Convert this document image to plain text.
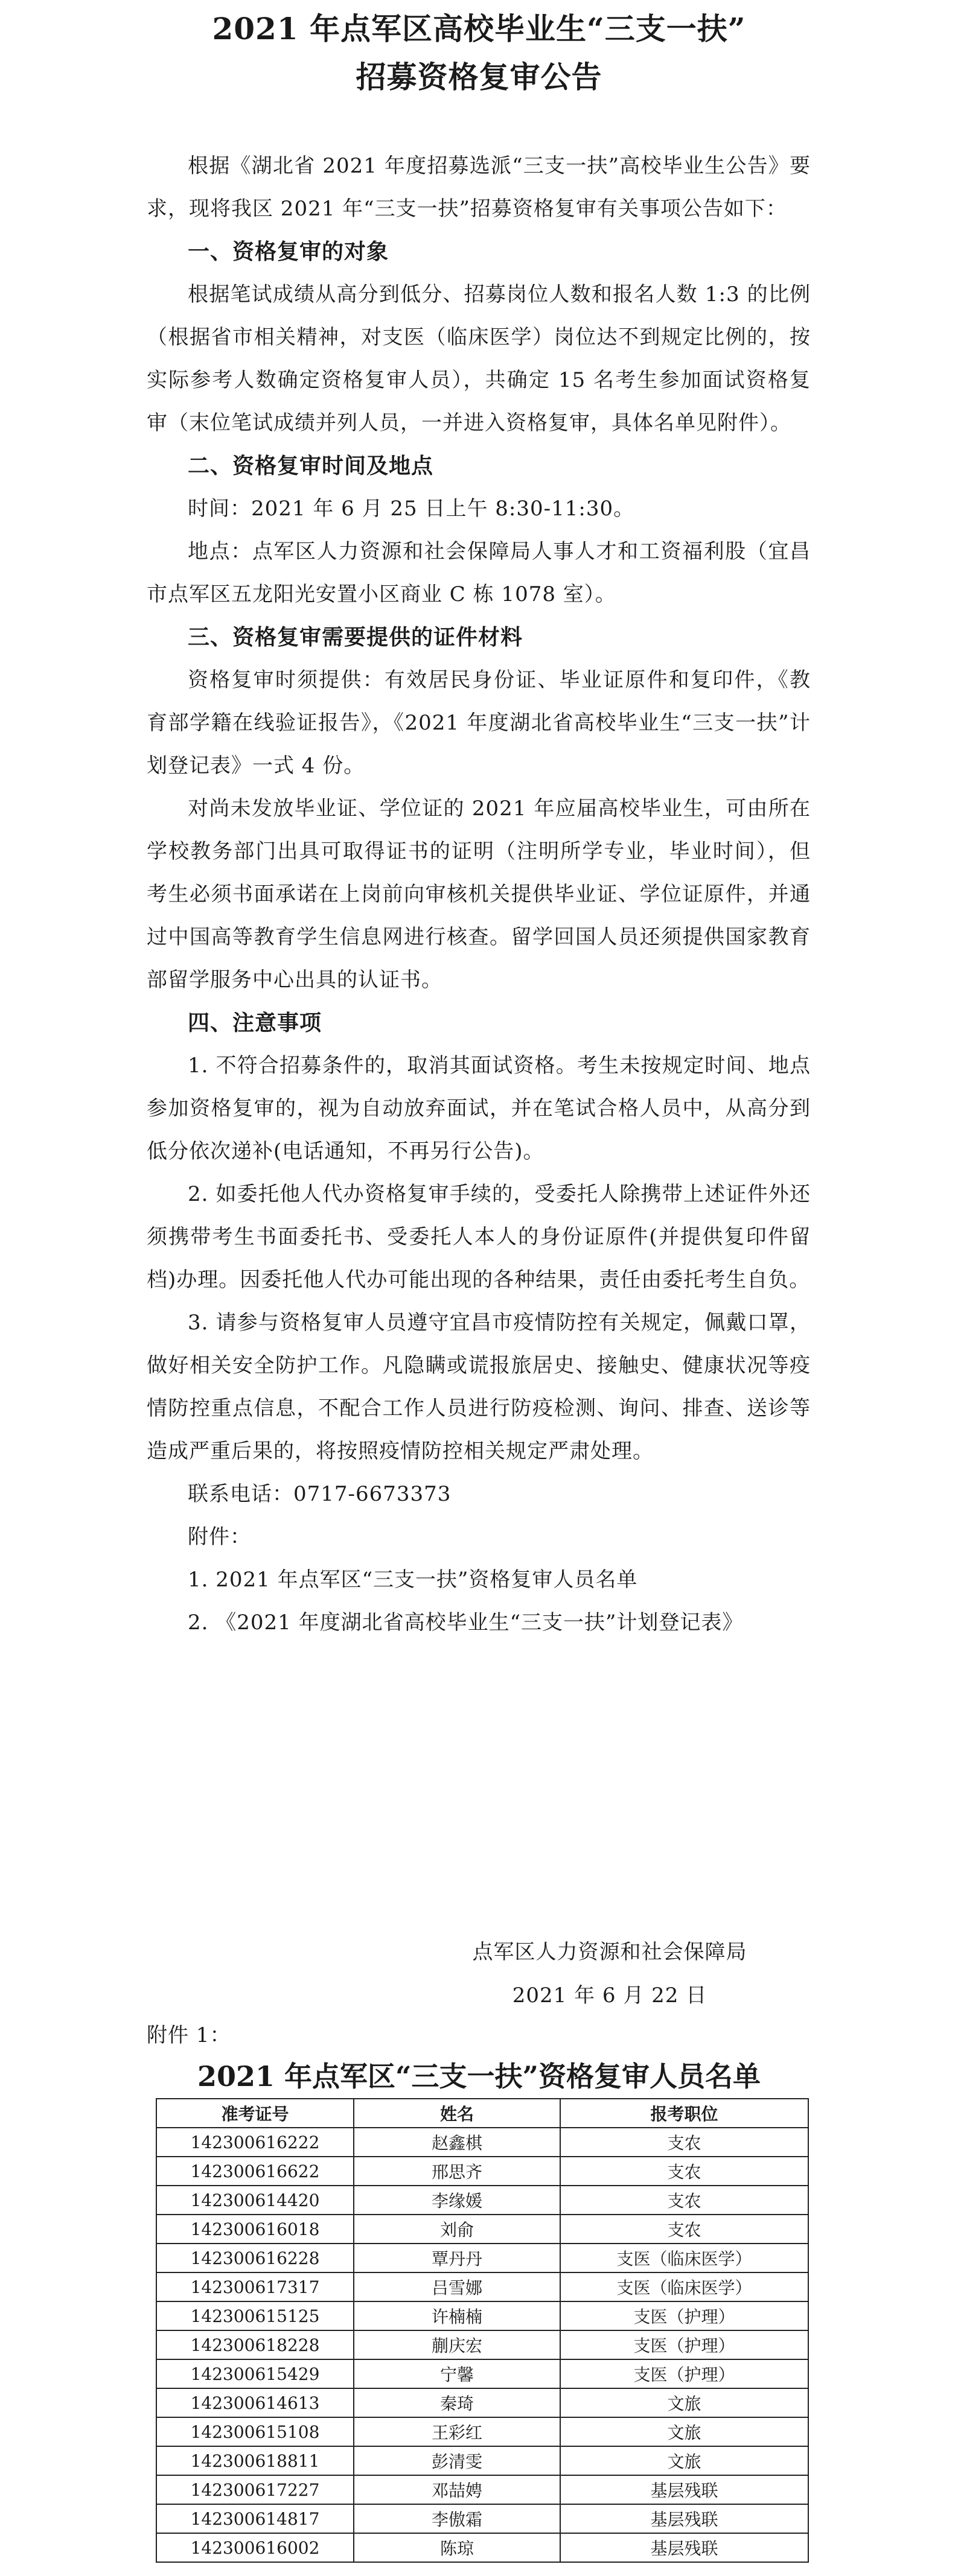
2021 年点军区高校毕业生“三支一扶”
招募资格复审公告

根据《湖北省 2021 年度招募选派“三支一扶”高校毕业生公告》要求，现将我区 2021 年“三支一扶”招募资格复审有关事项公告如下：

一、资格复审的对象

根据笔试成绩从高分到低分、招募岗位人数和报名人数 1:3 的比例（根据省市相关精神，对支医（临床医学）岗位达不到规定比例的，按实际参考人数确定资格复审人员），共确定 15 名考生参加面试资格复审（末位笔试成绩并列人员，一并进入资格复审，具体名单见附件）。

二、资格复审时间及地点

时间：2021 年 6 月 25 日上午 8:30-11:30。

地点：点军区人力资源和社会保障局人事人才和工资福利股（宜昌市点军区五龙阳光安置小区商业 C 栋 1078 室）。

三、资格复审需要提供的证件材料

资格复审时须提供：有效居民身份证、毕业证原件和复印件，《教育部学籍在线验证报告》，《2021 年度湖北省高校毕业生“三支一扶”计划登记表》一式 4 份。

对尚未发放毕业证、学位证的 2021 年应届高校毕业生，可由所在学校教务部门出具可取得证书的证明（注明所学专业，毕业时间），但考生必须书面承诺在上岗前向审核机关提供毕业证、学位证原件，并通过中国高等教育学生信息网进行核查。留学回国人员还须提供国家教育部留学服务中心出具的认证书。

四、注意事项

1. 不符合招募条件的，取消其面试资格。考生未按规定时间、地点参加资格复审的，视为自动放弃面试，并在笔试合格人员中，从高分到低分依次递补(电话通知，不再另行公告)。

2. 如委托他人代办资格复审手续的，受委托人除携带上述证件外还须携带考生书面委托书、受委托人本人的身份证原件(并提供复印件留档)办理。因委托他人代办可能出现的各种结果，责任由委托考生自负。

3. 请参与资格复审人员遵守宜昌市疫情防控有关规定，佩戴口罩，做好相关安全防护工作。凡隐瞒或谎报旅居史、接触史、健康状况等疫情防控重点信息，不配合工作人员进行防疫检测、询问、排查、送诊等造成严重后果的，将按照疫情防控相关规定严肃处理。

联系电话：0717-6673373

附件：

1. 2021 年点军区“三支一扶”资格复审人员名单

2. 《2021 年度湖北省高校毕业生“三支一扶”计划登记表》

点军区人力资源和社会保障局
2021 年 6 月 22 日
附件 1：
2021 年点军区“三支一扶”资格复审人员名单
准考证号	姓名	报考职位
142300616222	赵鑫棋	支农
142300616622	邢思齐	支农
142300614420	李缘媛	支农
142300616018	刘俞	支农
142300616228	覃丹丹	支医（临床医学）
142300617317	吕雪娜	支医（临床医学）
142300615125	许楠楠	支医（护理）
142300618228	蒯庆宏	支医（护理）
142300615429	宁馨	支医（护理）
142300614613	秦琦	文旅
142300615108	王彩红	文旅
142300618811	彭清雯	文旅
142300617227	邓喆娉	基层残联
142300614817	李傲霜	基层残联
142300616002	陈琼	基层残联
